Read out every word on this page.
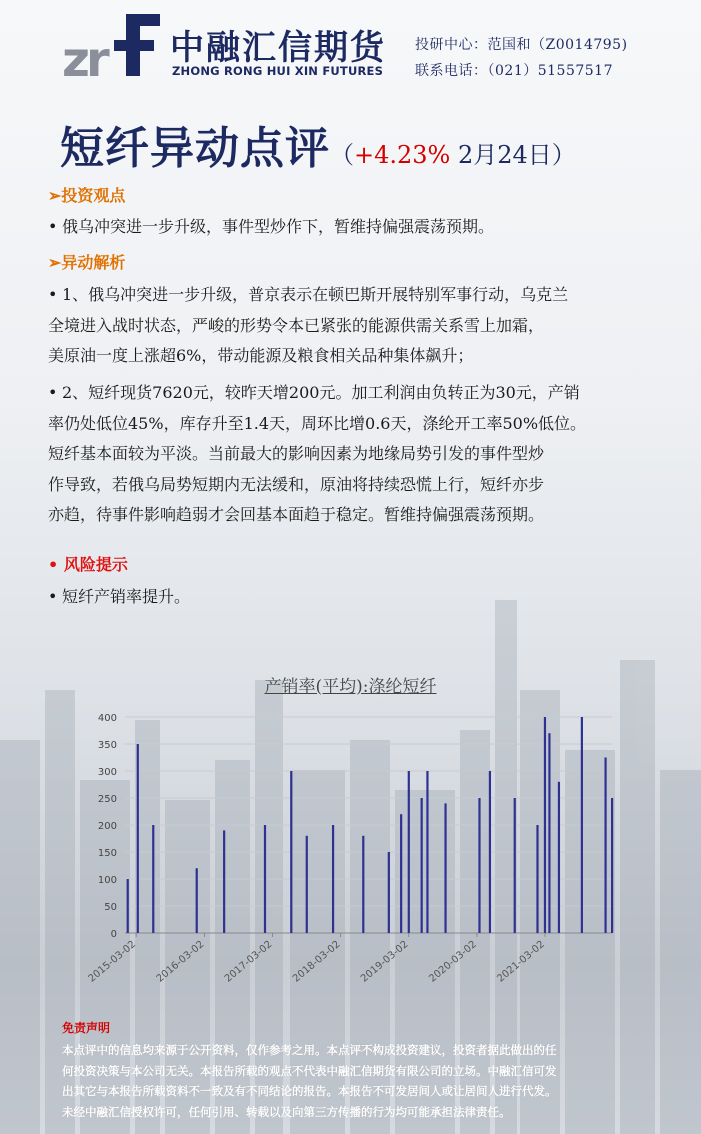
zr 中融汇信期货
ZHONG RONG HUI XIN FUTURES
投研中心：范国和（Z0014795)
联系电话：（021）51557517
短纤异动点评（+4.23% 2月24日）
➢投资观点
• 俄乌冲突进一步升级，事件型炒作下，暂维持偏强震荡预期。
➢异动解析
• 1、俄乌冲突进一步升级，普京表示在顿巴斯开展特别军事行动，乌克兰
全境进入战时状态，严峻的形势令本已紧张的能源供需关系雪上加霜，
美原油一度上涨超6%，带动能源及粮食相关品种集体飙升；
• 2、短纤现货7620元，较昨天增200元。加工利润由负转正为30元，产销
率仍处低位45%，库存升至1.4天，周环比增0.6天，涤纶开工率50%低位。
短纤基本面较为平淡。当前最大的影响因素为地缘局势引发的事件型炒
作导致，若俄乌局势短期内无法缓和，原油将持续恐慌上行，短纤亦步
亦趋，待事件影响趋弱才会回基本面趋于稳定。暂维持偏强震荡预期。
• 风险提示
• 短纤产销率提升。
产销率(平均):涤纶短纤
0
50
100
150
200
250
300
350
400
2015-03-02 2016-03-02 2017-03-02 2018-03-02 2019-03-02 2020-03-02 2021-03-02
免责声明
本点评中的信息均来源于公开资料，仅作参考之用。本点评不构成投资建议，投资者据此做出的任
何投资决策与本公司无关。本报告所载的观点不代表中融汇信期货有限公司的立场。中融汇信可发
出其它与本报告所载资料不一致及有不同结论的报告。本报告不可发居间人或让居间人进行代发。
未经中融汇信授权许可，任何引用、转载以及向第三方传播的行为均可能承担法律责任。
